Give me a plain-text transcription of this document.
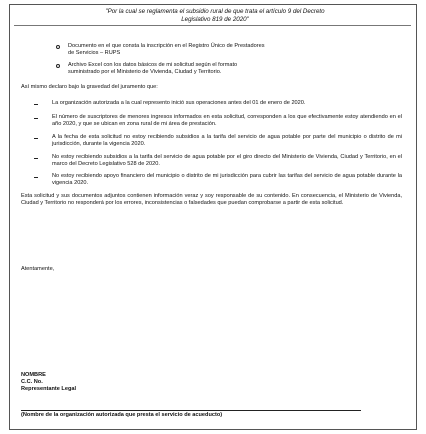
"Por la cual se reglamenta el subsidio rural de que trata el artículo 9 del Decreto
Legislativo 819 de 2020"
Documento en el que consta la inscripción en el Registro Único de Prestadores
de Servicios – RUPS
Archivo Excel con los datos básicos de mi solicitud según el formato
suministrado por el Ministerio de Vivienda, Ciudad y Territorio.
Así mismo declaro bajo la gravedad del juramento que:
La organización autorizada a la cual represento inició sus operaciones antes del 01 de enero de 2020.
El número de suscriptores de menores ingresos informados en esta solicitud, corresponden a los que efectivamente estoy atendiendo en el año 2020, y que se ubican en zona rural de mi área de prestación.
A la fecha de esta solicitud no estoy recibiendo subsidios a la tarifa del servicio de agua potable por parte del municipio o distrito de mi jurisdicción, durante la vigencia 2020.
No estoy recibiendo subsidios a la tarifa del servicio de agua potable por el giro directo del Ministerio de Vivienda, Ciudad y Territorio, en el marco del Decreto Legislativo 528 de 2020.
No estoy recibiendo apoyo financiero del municipio o distrito de mi jurisdicción para cubrir las tarifas del servicio de agua potable durante la vigencia 2020.
Esta solicitud y sus documentos adjuntos contienen información veraz y soy responsable de su contenido. En consecuencia, el Ministerio de Vivienda, Ciudad y Territorio no responderá por los errores, inconsistencias o falsedades que puedan comprobarse a partir de esta solicitud.
Atentamente,
NOMBRE
C.C. No.
Representante Legal
(Nombre de la organización autorizada que presta el servicio de acueducto)
